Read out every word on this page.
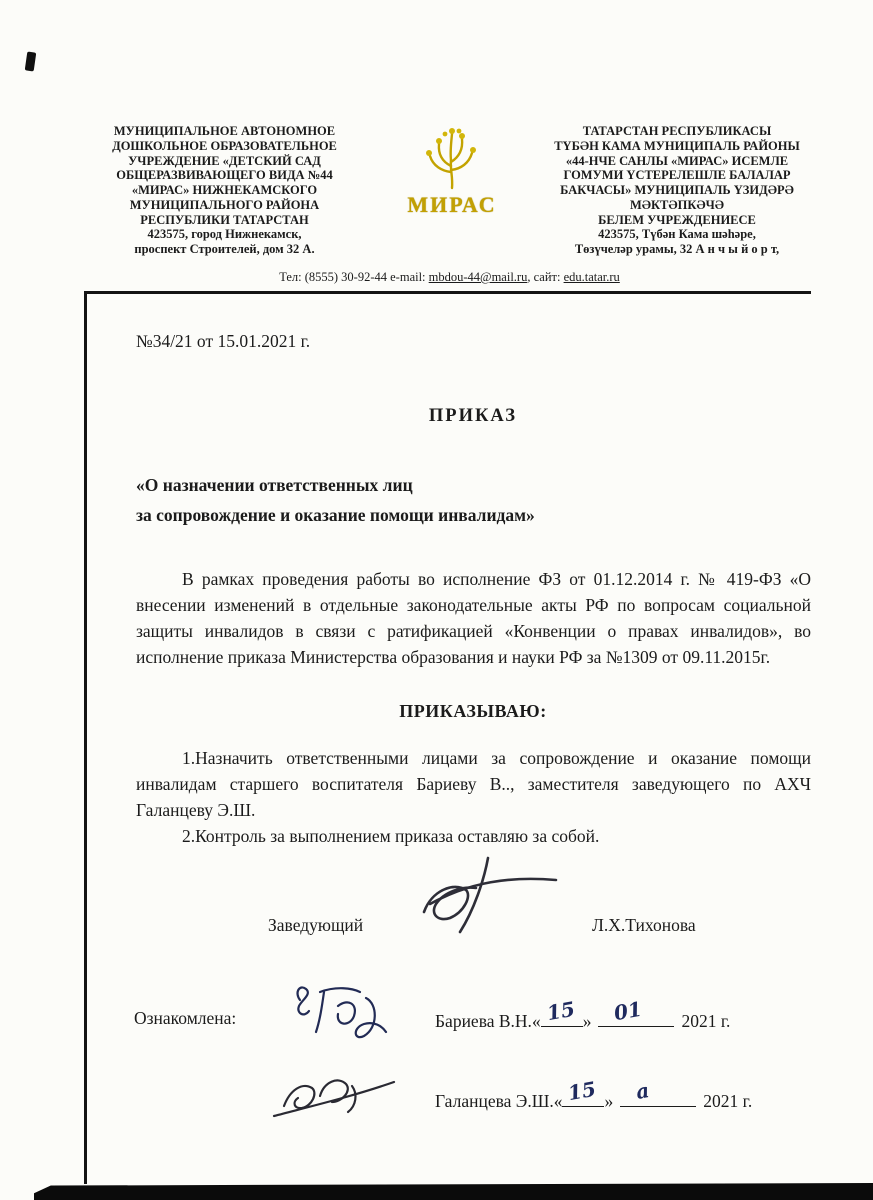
МУНИЦИПАЛЬНОЕ АВТОНОМНОЕ
ДОШКОЛЬНОЕ ОБРАЗОВАТЕЛЬНОЕ
УЧРЕЖДЕНИЕ «ДЕТСКИЙ САД
ОБЩЕРАЗВИВАЮЩЕГО ВИДА №44
«МИРАС» НИЖНЕКАМСКОГО
МУНИЦИПАЛЬНОГО РАЙОНА
РЕСПУБЛИКИ ТАТАРСТАН
423575, город Нижнекамск,
проспект Строителей, дом 32 А.
МИРАС
ТАТАРСТАН РЕСПУБЛИКАСЫ
ТҮБӘН КАМА МУНИЦИПАЛЬ РАЙОНЫ
«44-НЧЕ САНЛЫ «МИРАС» ИСЕМЛЕ
ГОМУМИ ҮСТЕРЕЛЕШЛЕ БАЛАЛАР
БАКЧАСЫ» МУНИЦИПАЛЬ ҮЗИДӘРӘ
МӘКТӘПКӘЧӘ
БЕЛЕМ УЧРЕЖДЕНИЕСЕ
423575, Түбән Кама шәһәре,
Төзүчеләр урамы, 32 А н ч ы й о р т,
Тел: (8555) 30-92-44 e-mail: mbdou-44@mail.ru, сайт: edu.tatar.ru
№34/21 от 15.01.2021 г.
ПРИКАЗ
«О назначении ответственных лиц
за сопровождение и оказание помощи инвалидам»
В рамках проведения работы во исполнение ФЗ от 01.12.2014 г. № 419-ФЗ «О внесении изменений в отдельные законодательные акты РФ по вопросам социальной защиты инвалидов в связи с ратификацией «Конвенции о правах инвалидов», во исполнение приказа Министерства образования и науки РФ за №1309 от 09.11.2015г.
ПРИКАЗЫВАЮ:

1.Назначить ответственными лицами за сопровождение и оказание помощи инвалидам старшего воспитателя Бариеву В.., заместителя заведующего по АХЧ Галанцеву Э.Ш.

2.Контроль за выполнением приказа оставляю за собой.

Заведующий	Л.Х.Тихонова
Ознакомлена:	Бариева В.Н.« 15 » 01 2021 г.
Галанцева Э.Ш.« 15 » а	2021 г.
